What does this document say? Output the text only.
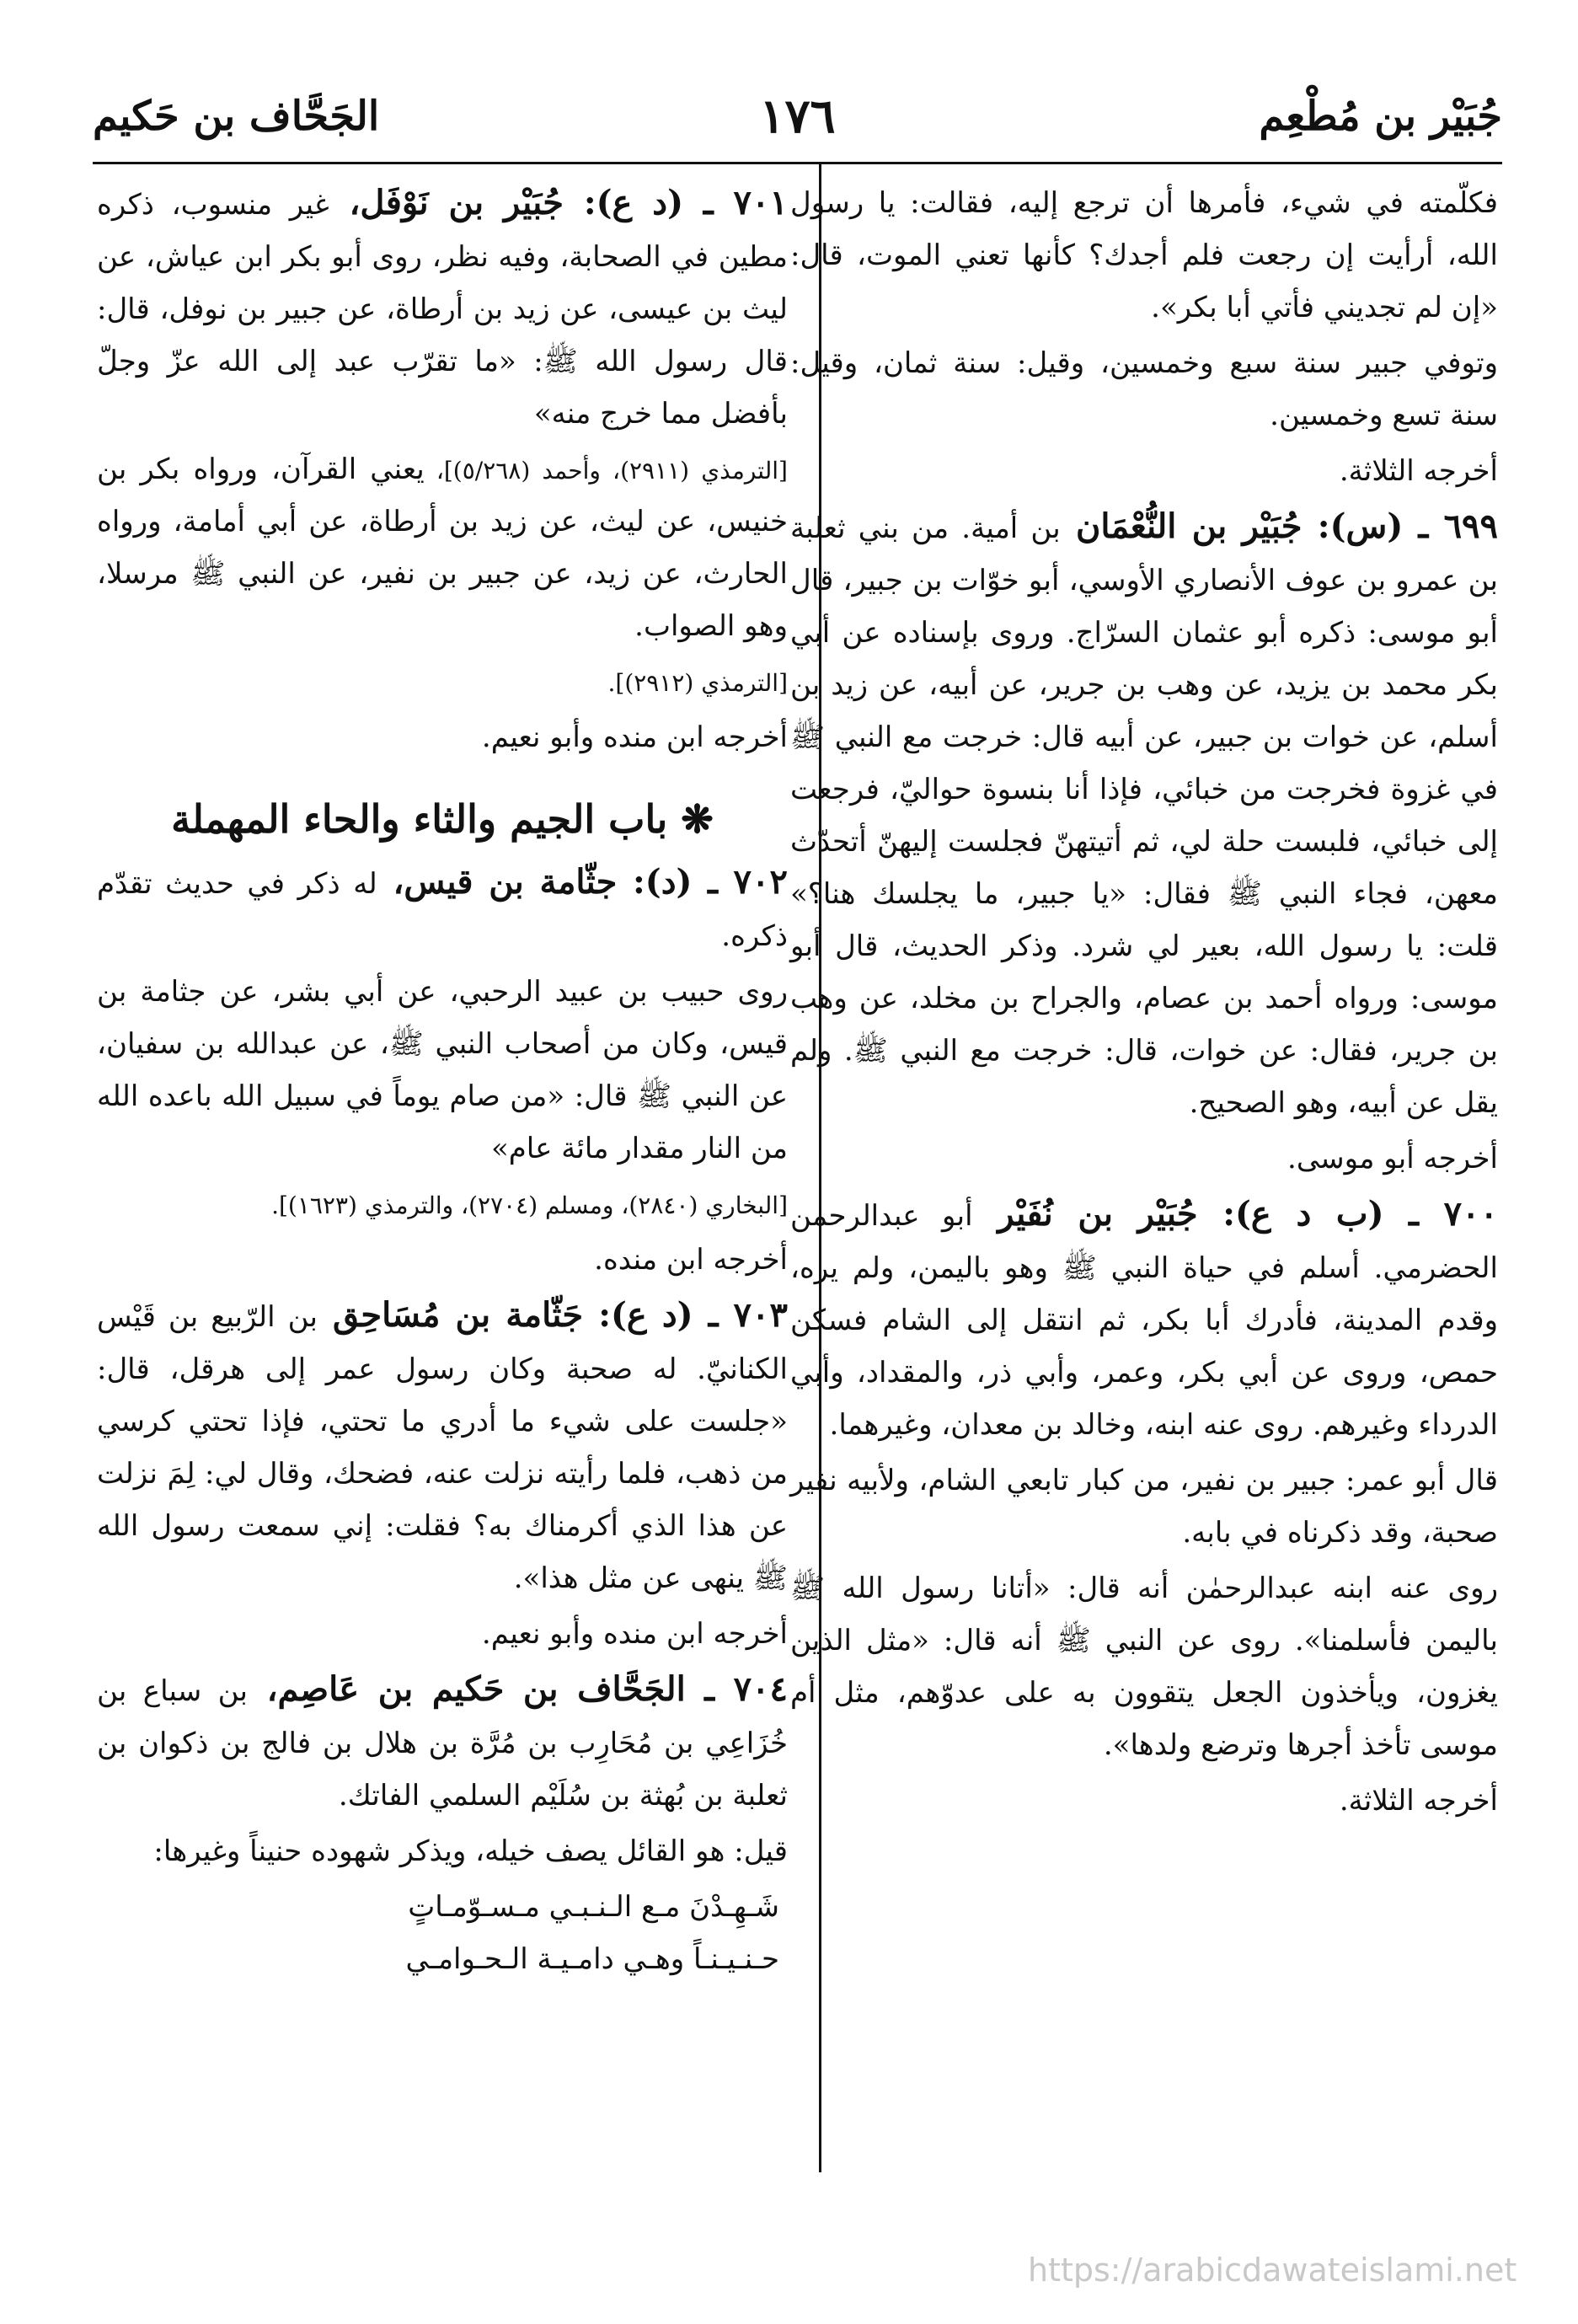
جُبَيْر بن مُطْعِم
١٧٦
الجَحَّاف بن حَكيم
فكلّمته في شيء، فأمرها أن ترجع إليه، فقالت: يا رسول الله، أرأيت إن رجعت فلم أجدك؟ كأنها تعني الموت، قال: «إن لم تجديني فأتي أبا بكر».
وتوفي جبير سنة سبع وخمسين، وقيل: سنة ثمان، وقيل: سنة تسع وخمسين.
أخرجه الثلاثة.
٦٩٩ ـ (س): جُبَيْر بن النُّعْمَان بن أمية. من بني ثعلبة بن عمرو بن عوف الأنصاري الأوسي، أبو خوّات بن جبير، قال أبو موسى: ذكره أبو عثمان السرّاج. وروى بإسناده عن أبي بكر محمد بن يزيد، عن وهب بن جرير، عن أبيه، عن زيد بن أسلم، عن خوات بن جبير، عن أبيه قال: خرجت مع النبي ﷺ في غزوة فخرجت من خبائي، فإذا أنا بنسوة حواليّ، فرجعت إلى خبائي، فلبست حلة لي، ثم أتيتهنّ فجلست إليهنّ أتحدّث معهن، فجاء النبي ﷺ فقال: «يا جبير، ما يجلسك هنا؟» قلت: يا رسول الله، بعير لي شرد. وذكر الحديث، قال أبو موسى: ورواه أحمد بن عصام، والجراح بن مخلد، عن وهب بن جرير، فقال: عن خوات، قال: خرجت مع النبي ﷺ. ولم يقل عن أبيه، وهو الصحيح.
أخرجه أبو موسى.
٧٠٠ ـ (ب د ع): جُبَيْر بن نُفَيْر أبو عبدالرحمٰن الحضرمي. أسلم في حياة النبي ﷺ وهو باليمن، ولم يره، وقدم المدينة، فأدرك أبا بكر، ثم انتقل إلى الشام فسكن حمص، وروى عن أبي بكر، وعمر، وأبي ذر، والمقداد، وأبي الدرداء وغيرهم. روى عنه ابنه، وخالد بن معدان، وغيرهما.
قال أبو عمر: جبير بن نفير، من كبار تابعي الشام، ولأبيه نفير صحبة، وقد ذكرناه في بابه.
روى عنه ابنه عبدالرحمٰن أنه قال: «أتانا رسول الله ﷺ باليمن فأسلمنا». روى عن النبي ﷺ أنه قال: «مثل الذين يغزون، ويأخذون الجعل يتقوون به على عدوّهم، مثل أم موسى تأخذ أجرها وترضع ولدها».
أخرجه الثلاثة.
٧٠١ ـ (د ع): جُبَيْر بن نَوْفَل، غير منسوب، ذكره مطين في الصحابة، وفيه نظر، روى أبو بكر ابن عياش، عن ليث بن عيسى، عن زيد بن أرطاة، عن جبير بن نوفل، قال: قال رسول الله ﷺ: «ما تقرّب عبد إلى الله عزّ وجلّ بأفضل مما خرج منه»
[الترمذي (٢٩١١)، وأحمد (٥/٢٦٨)]، يعني القرآن، ورواه بكر بن خنيس، عن ليث، عن زيد بن أرطاة، عن أبي أمامة، ورواه الحارث، عن زيد، عن جبير بن نفير، عن النبي ﷺ مرسلا، وهو الصواب.
[الترمذي (٢٩١٢)].
أخرجه ابن منده وأبو نعيم.
❋ باب الجيم والثاء والحاء المهملة
٧٠٢ ـ (د): جثّامة بن قيس، له ذكر في حديث تقدّم ذكره.
روى حبيب بن عبيد الرحبي، عن أبي بشر، عن جثامة بن قيس، وكان من أصحاب النبي ﷺ، عن عبدالله بن سفيان، عن النبي ﷺ قال: «من صام يوماً في سبيل الله باعده الله من النار مقدار مائة عام»
[البخاري (٢٨٤٠)، ومسلم (٢٧٠٤)، والترمذي (١٦٢٣)].
أخرجه ابن منده.
٧٠٣ ـ (د ع): جَثّامة بن مُسَاحِق بن الرّبيع بن قَيْس الكنانيّ. له صحبة وكان رسول عمر إلى هرقل، قال: «جلست على شيء ما أدري ما تحتي، فإذا تحتي كرسي من ذهب، فلما رأيته نزلت عنه، فضحك، وقال لي: لِمَ نزلت عن هذا الذي أكرمناك به؟ فقلت: إني سمعت رسول الله ﷺ ينهى عن مثل هذا».
أخرجه ابن منده وأبو نعيم.
٧٠٤ ـ الجَحَّاف بن حَكيم بن عَاصِم، بن سباع بن خُزَاعِي بن مُحَارِب بن مُرَّة بن هلال بن فالج بن ذكوان بن ثعلبة بن بُهثة بن سُلَيْم السلمي الفاتك.
قيل: هو القائل يصف خيله، ويذكر شهوده حنيناً وغيرها:
شَـهِـدْنَ مـع الـنـبـي مـسـوّمـاتٍ
حـنـيـنـاً وهـي دامـيـة الـحـوامـي
https://arabicdawateislami.net
